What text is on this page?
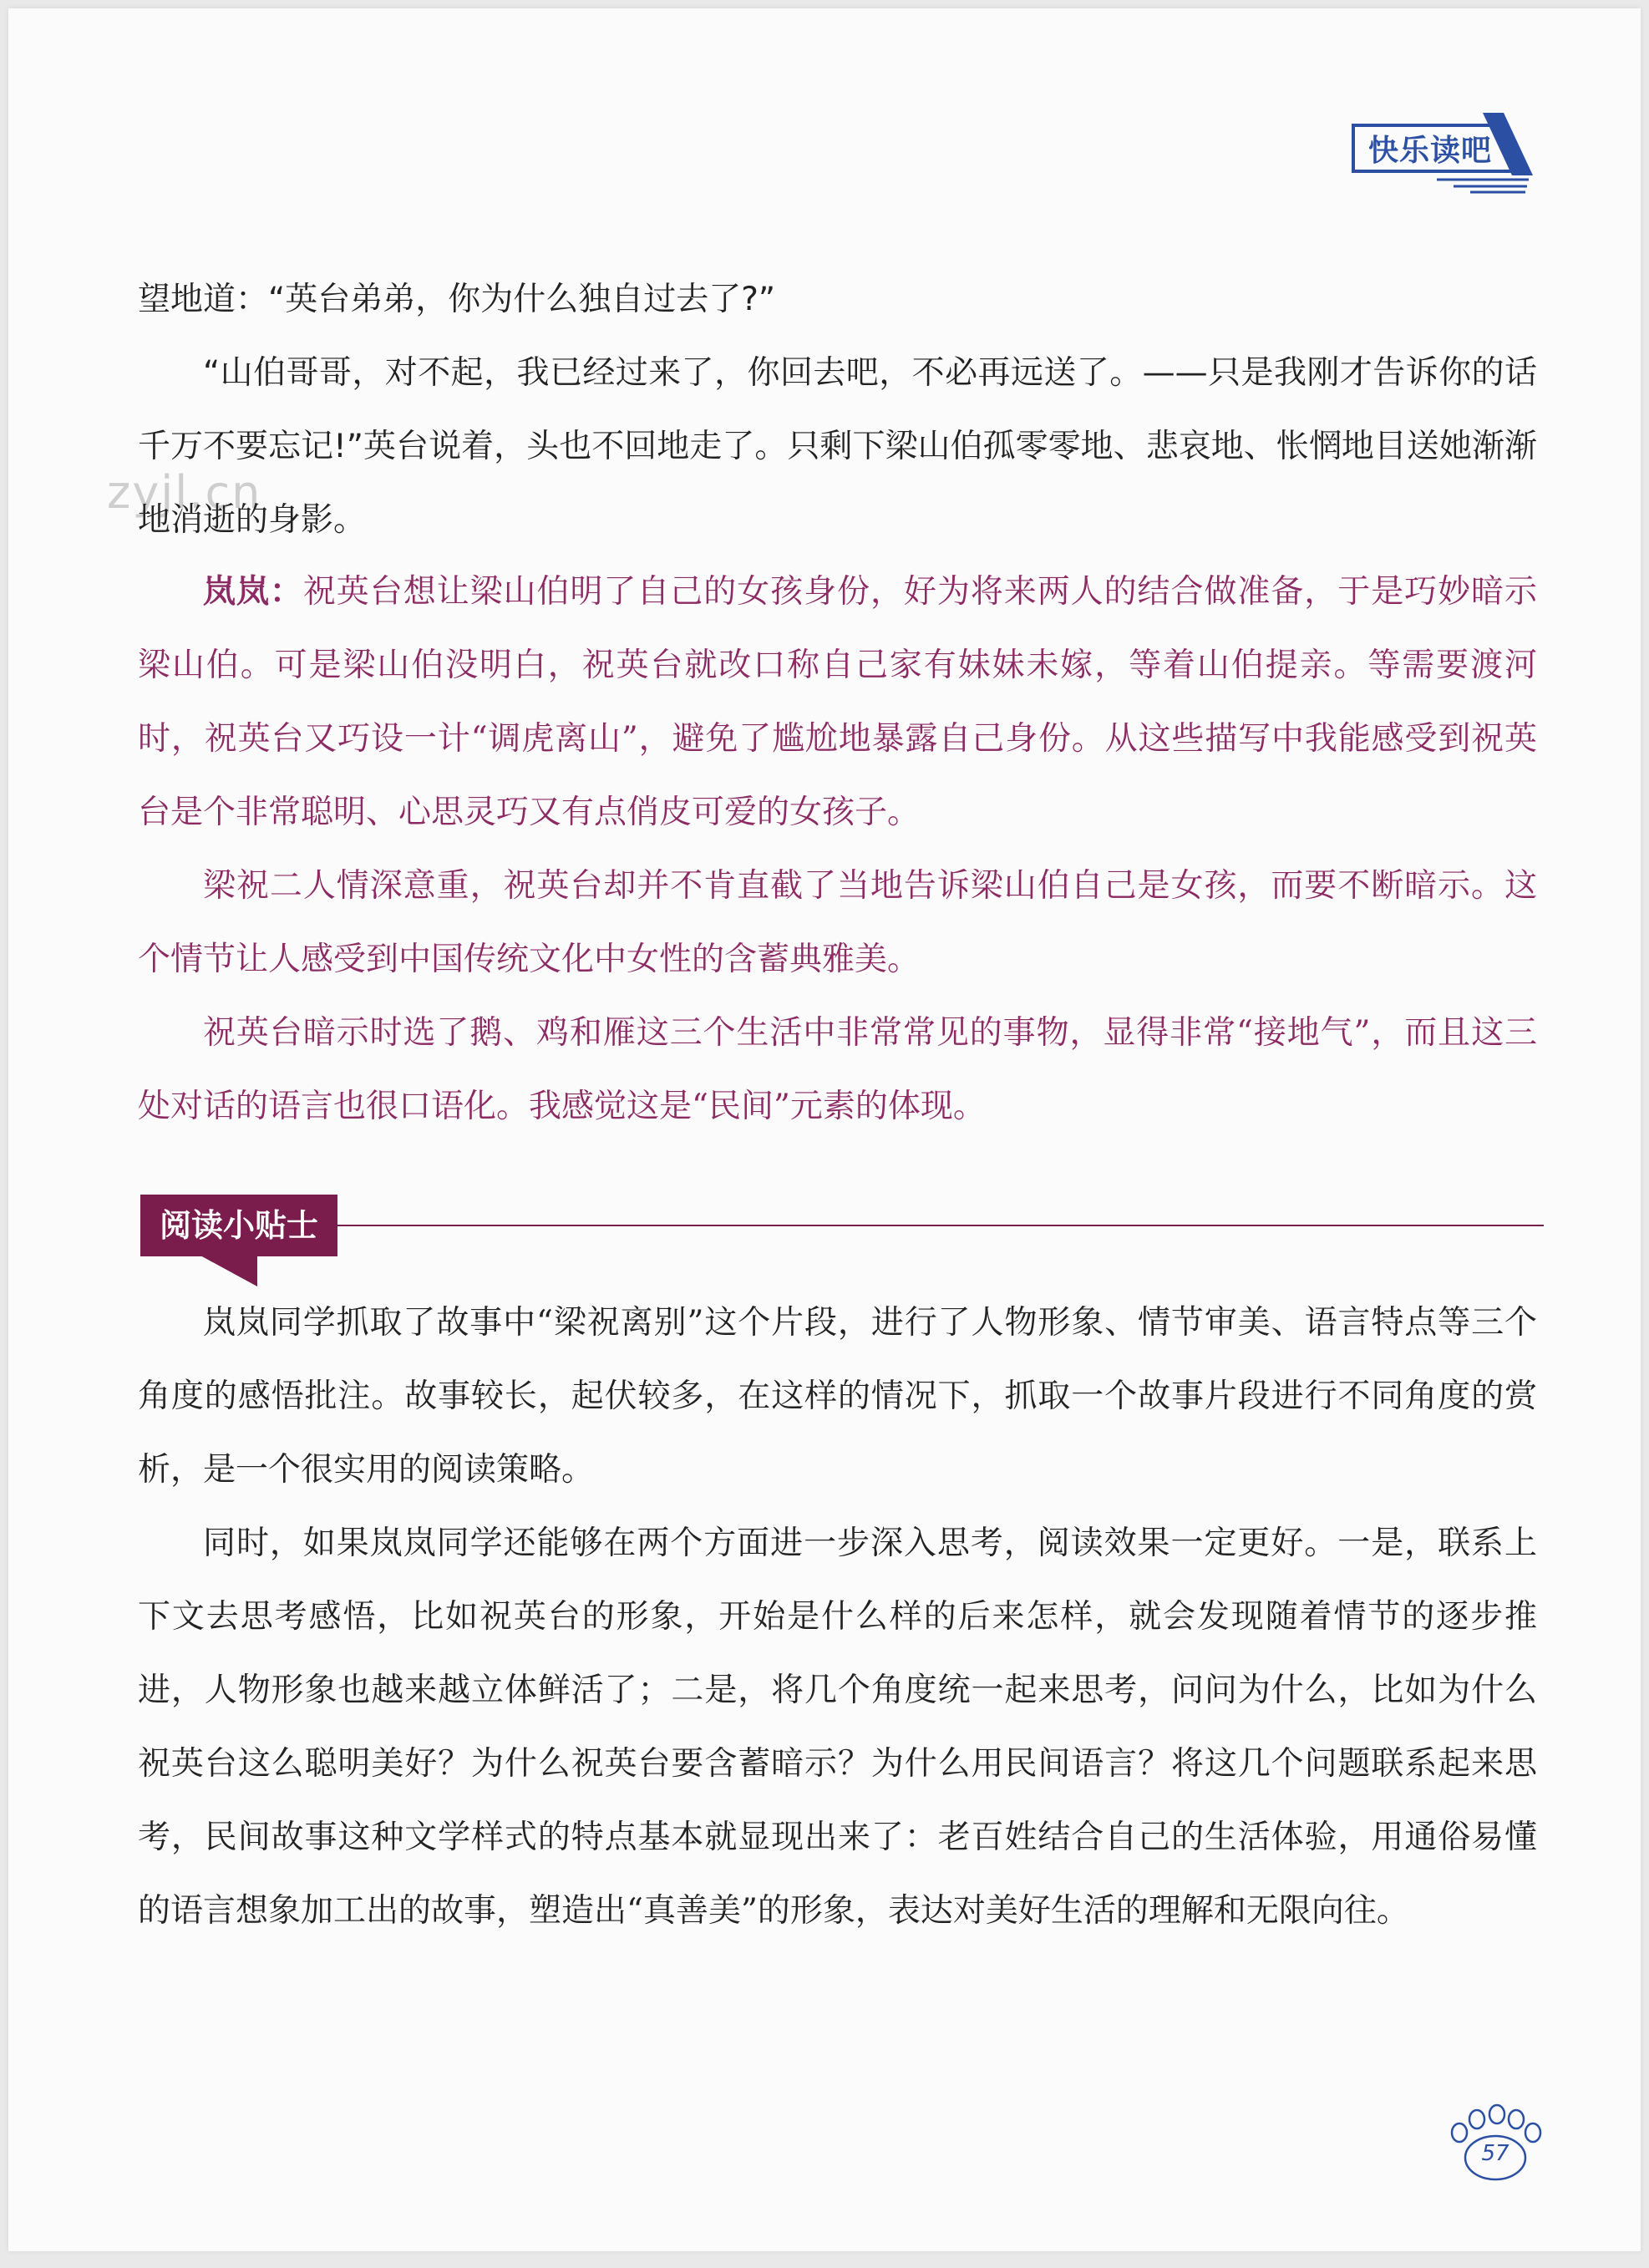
快乐读吧
zyjl.cn

望地道：“英台弟弟，你为什么独自过去了?”

“山伯哥哥，对不起，我已经过来了，你回去吧，不必再远送了。——只是我刚才告诉你的话千万不要忘记!”英台说着，头也不回地走了。只剩下梁山伯孤零零地、悲哀地、怅惘地目送她渐渐地消逝的身影。

岚岚：祝英台想让梁山伯明了自己的女孩身份，好为将来两人的结合做准备，于是巧妙暗示梁山伯。可是梁山伯没明白，祝英台就改口称自己家有妹妹未嫁，等着山伯提亲。等需要渡河时，祝英台又巧设一计“调虎离山”，避免了尴尬地暴露自己身份。从这些描写中我能感受到祝英台是个非常聪明、心思灵巧又有点俏皮可爱的女孩子。

梁祝二人情深意重，祝英台却并不肯直截了当地告诉梁山伯自己是女孩，而要不断暗示。这个情节让人感受到中国传统文化中女性的含蓄典雅美。

祝英台暗示时选了鹅、鸡和雁这三个生活中非常常见的事物，显得非常“接地气”，而且这三处对话的语言也很口语化。我感觉这是“民间”元素的体现。

阅读小贴士

岚岚同学抓取了故事中“梁祝离别”这个片段，进行了人物形象、情节审美、语言特点等三个角度的感悟批注。故事较长，起伏较多，在这样的情况下，抓取一个故事片段进行不同角度的赏析，是一个很实用的阅读策略。

同时，如果岚岚同学还能够在两个方面进一步深入思考，阅读效果一定更好。一是，联系上下文去思考感悟，比如祝英台的形象，开始是什么样的后来怎样，就会发现随着情节的逐步推进，人物形象也越来越立体鲜活了；二是，将几个角度统一起来思考，问问为什么，比如为什么祝英台这么聪明美好？为什么祝英台要含蓄暗示？为什么用民间语言？将这几个问题联系起来思考，民间故事这种文学样式的特点基本就显现出来了：老百姓结合自己的生活体验，用通俗易懂的语言想象加工出的故事，塑造出“真善美”的形象，表达对美好生活的理解和无限向往。

57
